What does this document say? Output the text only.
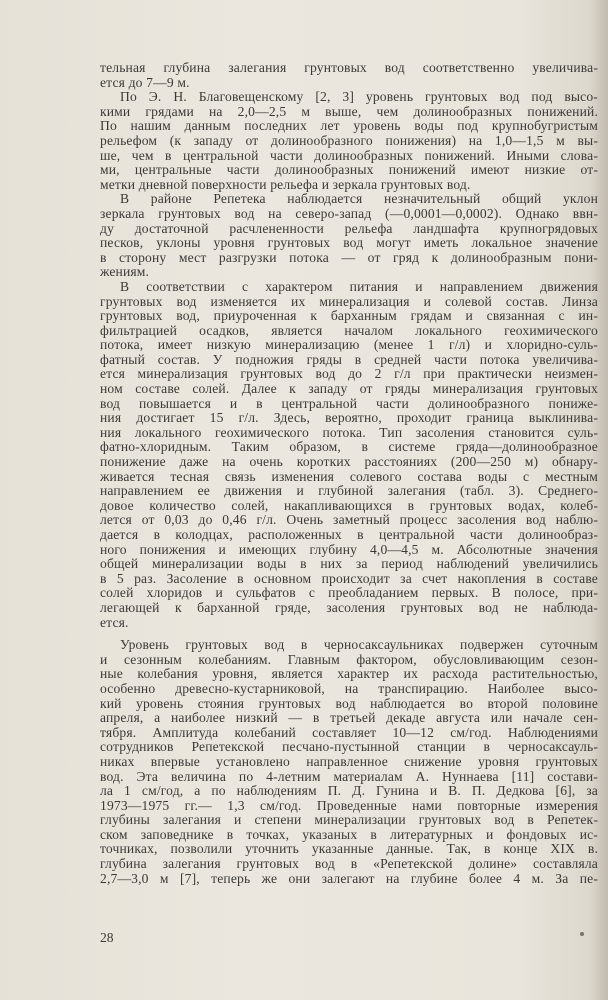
тельная глубина залегания грунтовых вод соответственно увеличива-
ется до 7—9 м.
По Э. Н. Благовещенскому [2, 3] уровень грунтовых вод под высо-
кими грядами на 2,0—2,5 м выше, чем долинообразных понижений.
По нашим данным последних лет уровень воды под крупнобугристым
рельефом (к западу от долинообразного понижения) на 1,0—1,5 м вы-
ше, чем в центральной части долинообразных понижений. Иными слова-
ми, центральные части долинообразных понижений имеют низкие от-
метки дневной поверхности рельефа и зеркала грунтовых вод.
В районе Репетека наблюдается незначительный общий уклон
зеркала грунтовых вод на северо-запад (—0,0001—0,0002). Однако ввн-
ду достаточной расчлененности рельефа ландшафта крупногрядовых
песков, уклоны уровня грунтовых вод могут иметь локальное значение
в сторону мест разгрузки потока — от гряд к долинообразным пони-
жениям.
В соответствии с характером питания и направлением движения
грунтовых вод изменяется их минерализация и солевой состав. Линза
грунтовых вод, приуроченная к барханным грядам и связанная с ин-
фильтрацией осадков, является началом локального геохимического
потока, имеет низкую минерализацию (менее 1 г/л) и хлоридно-суль-
фатный состав. У подножия гряды в средней части потока увеличива-
ется минерализация грунтовых вод до 2 г/л при практически неизмен-
ном составе солей. Далее к западу от гряды минерализация грунтовых
вод повышается и в центральной части долинообразного пониже-
ния достигает 15 г/л. Здесь, вероятно, проходит граница выклинива-
ния локального геохимического потока. Тип засоления становится суль-
фатно-хлоридным. Таким образом, в системе гряда—долинообразное
понижение даже на очень коротких расстояниях (200—250 м) обнару-
живается тесная связь изменения солевого состава воды с местным
направлением ее движения и глубиной залегания (табл. 3). Среднего-
довое количество солей, накапливающихся в грунтовых водах, колеб-
лется от 0,03 до 0,46 г/л. Очень заметный процесс засоления вод наблю-
дается в колодцах, расположенных в центральной части долинообраз-
ного понижения и имеющих глубину 4,0—4,5 м. Абсолютные значения
общей минерализации воды в них за период наблюдений увеличились
в 5 раз. Засоление в основном происходит за счет накопления в составе
солей хлоридов и сульфатов с преобладанием первых. В полосе, при-
легающей к барханной гряде, засоления грунтовых вод не наблюда-
ется.
Уровень грунтовых вод в черносаксаульниках подвержен суточным
и сезонным колебаниям. Главным фактором, обусловливающим сезон-
ные колебания уровня, является характер их расхода растительностью,
особенно древесно-кустарниковой, на транспирацию. Наиболее высо-
кий уровень стояния грунтовых вод наблюдается во второй половине
апреля, а наиболее низкий — в третьей декаде августа или начале сен-
тября. Амплитуда колебаний составляет 10—12 см/год. Наблюдениями
сотрудников Репетекской песчано-пустынной станции в черносаксауль-
никах впервые установлено направленное снижение уровня грунтовых
вод. Эта величина по 4-летним материалам А. Нуннаева [11] состави-
ла 1 см/год, а по наблюдениям П. Д. Гунина и В. П. Дедкова [6], за
1973—1975 гг.— 1,3 см/год. Проведенные нами повторные измерения
глубины залегания и степени минерализации грунтовых вод в Репетек-
ском заповеднике в точках, указаных в литературных и фондовых ис-
точниках, позволили уточнить указанные данные. Так, в конце XIX в.
глубина залегания грунтовых вод в «Репетекской долине» составляла
2,7—3,0 м [7], теперь же они залегают на глубине более 4 м. За пе-
28
